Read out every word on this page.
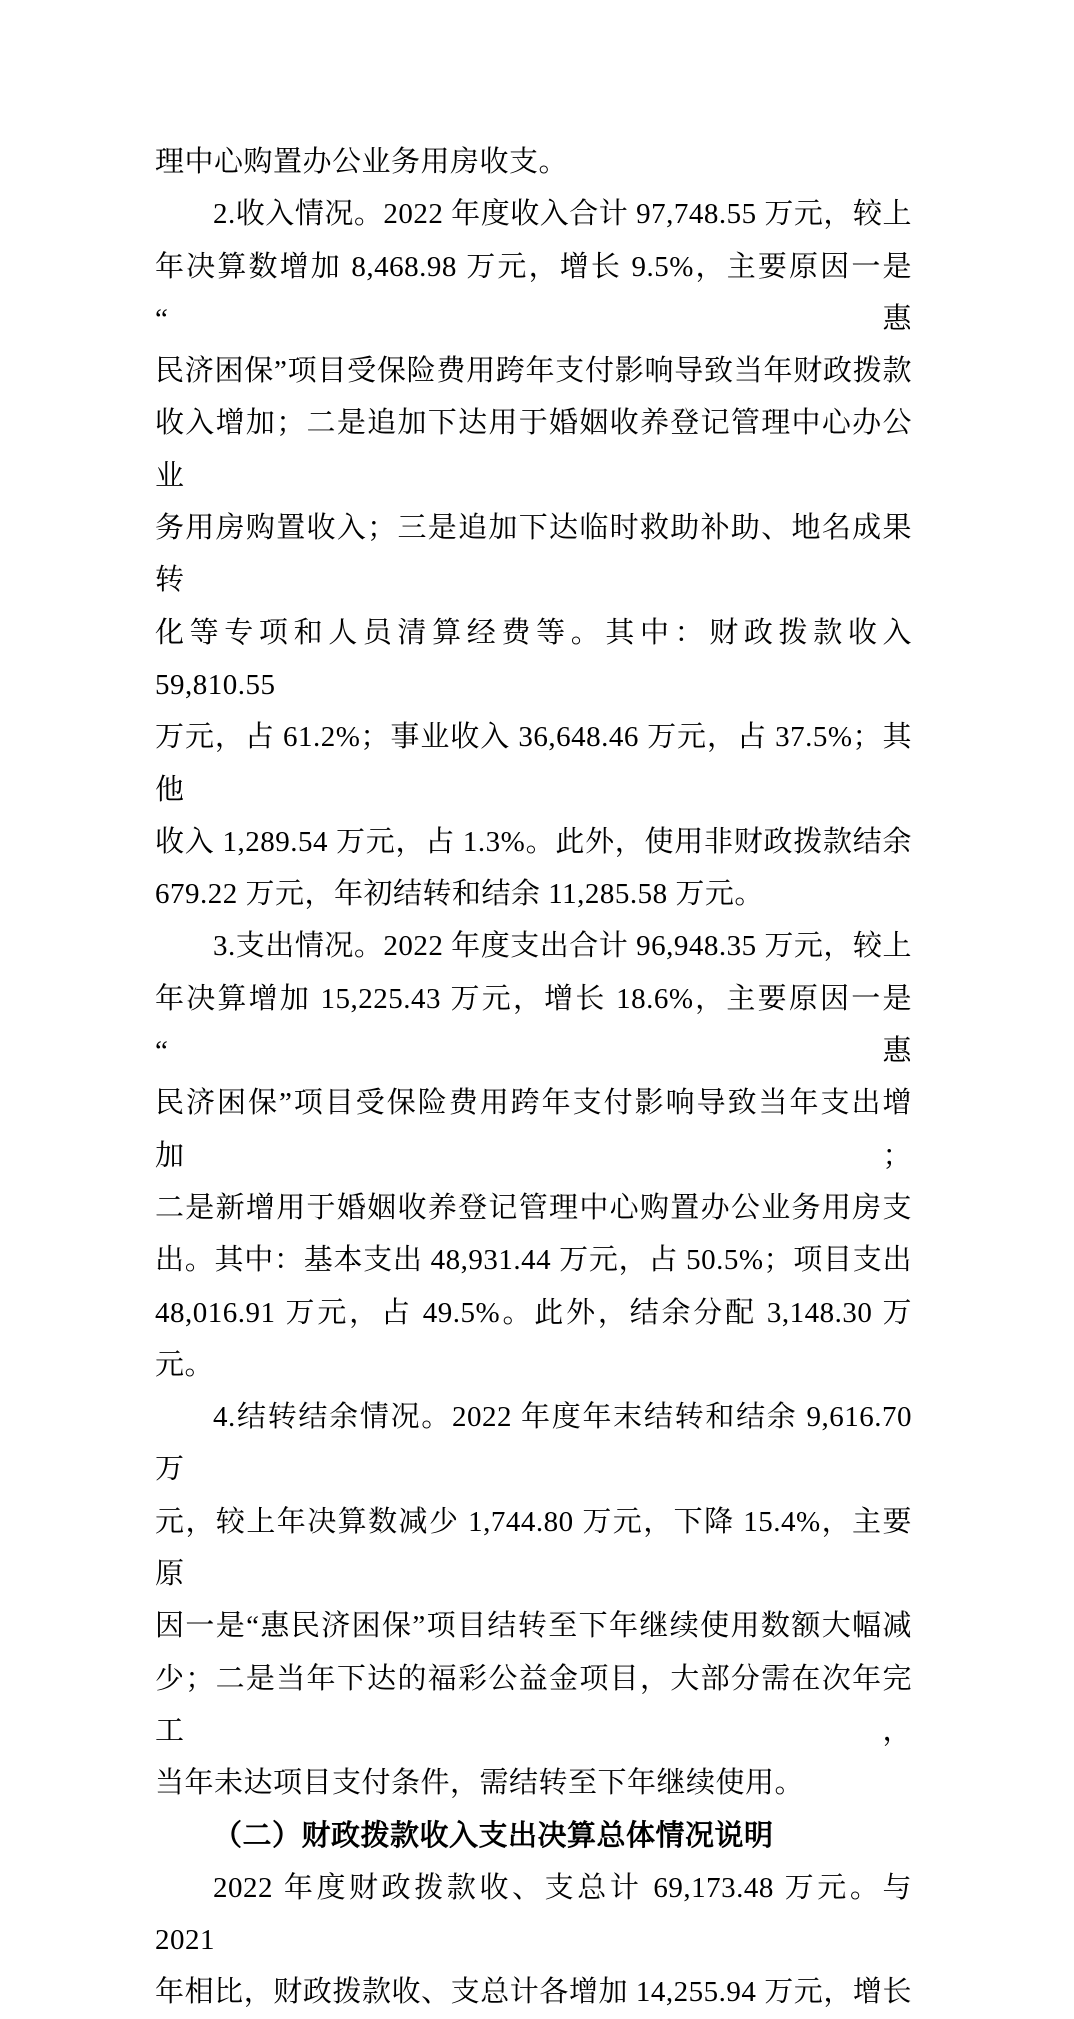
理中心购置办公业务用房收支。
2.收入情况。2022 年度收入合计 97,748.55 万元，较上
年决算数增加 8,468.98 万元，增长 9.5%，主要原因一是“惠
民济困保”项目受保险费用跨年支付影响导致当年财政拨款
收入增加；二是追加下达用于婚姻收养登记管理中心办公业
务用房购置收入；三是追加下达临时救助补助、地名成果转
化等专项和人员清算经费等。其中：财政拨款收入 59,810.55
万元，占 61.2%；事业收入 36,648.46 万元，占 37.5%；其他
收入 1,289.54 万元，占 1.3%。此外，使用非财政拨款结余
679.22 万元，年初结转和结余 11,285.58 万元。
3.支出情况。2022 年度支出合计 96,948.35 万元，较上
年决算增加 15,225.43 万元，增长 18.6%，主要原因一是“惠
民济困保”项目受保险费用跨年支付影响导致当年支出增加；
二是新增用于婚姻收养登记管理中心购置办公业务用房支
出。其中：基本支出 48,931.44 万元，占 50.5%；项目支出
48,016.91 万元，占 49.5%。此外，结余分配 3,148.30 万元。
4.结转结余情况。2022 年度年末结转和结余 9,616.70 万
元，较上年决算数减少 1,744.80 万元，下降 15.4%，主要原
因一是“惠民济困保”项目结转至下年继续使用数额大幅减
少；二是当年下达的福彩公益金项目，大部分需在次年完工，
当年未达项目支付条件，需结转至下年继续使用。
（二）财政拨款收入支出决算总体情况说明
2022 年度财政拨款收、支总计 69,173.48 万元。与 2021
年相比，财政拨款收、支总计各增加 14,255.94 万元，增长
